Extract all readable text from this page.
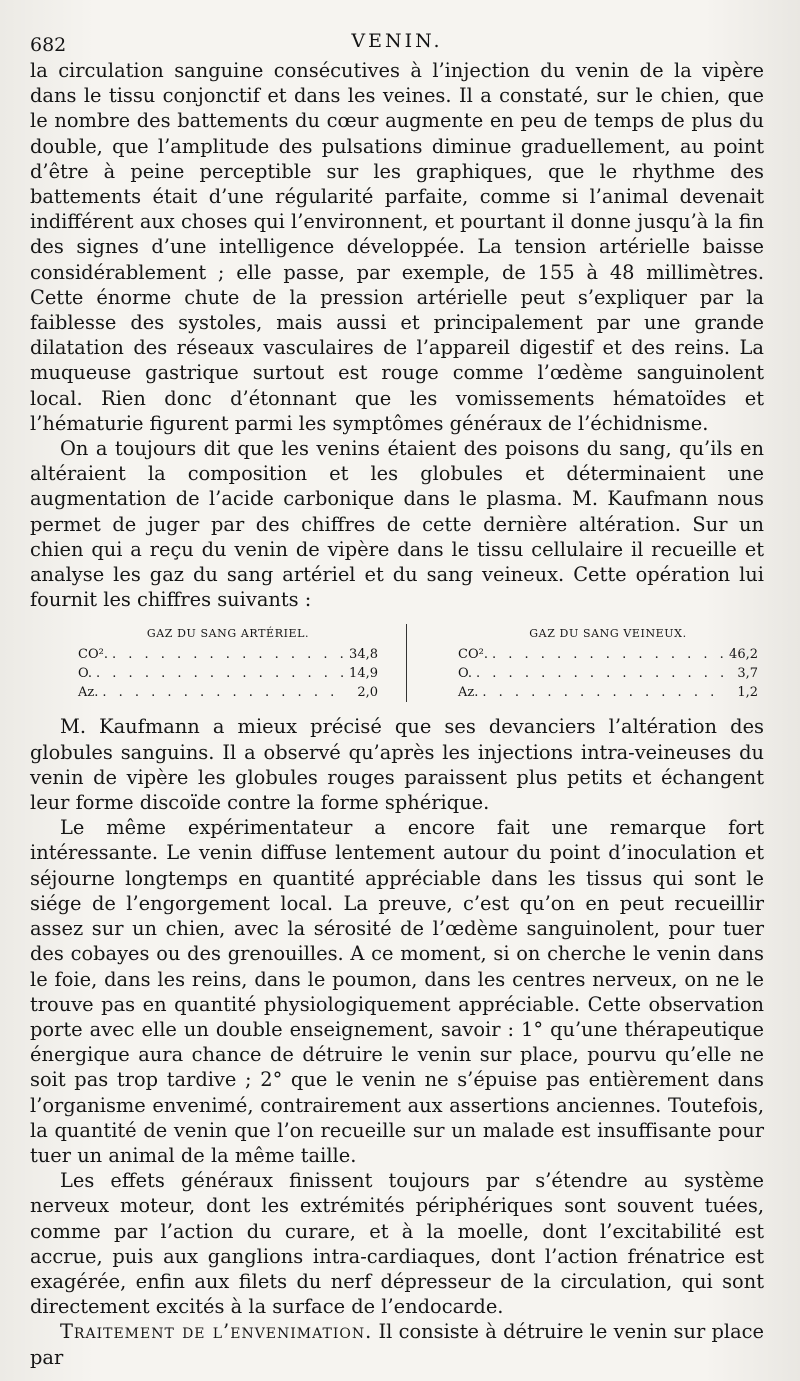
682	VENIN.

la circulation sanguine consécutives à l’injection du venin de la vipère dans le tissu conjonctif et dans les veines. Il a constaté, sur le chien, que le nombre des battements du cœur augmente en peu de temps de plus du double, que l’amplitude des pulsations diminue graduellement, au point d’être à peine perceptible sur les graphiques, que le rhythme des battements était d’une régularité parfaite, comme si l’animal devenait indifférent aux choses qui l’environnent, et pourtant il donne jusqu’à la fin des signes d’une intelligence développée. La tension artérielle baisse considérablement ; elle passe, par exemple, de 155 à 48 millimètres. Cette énorme chute de la pression artérielle peut s’expliquer par la faiblesse des systoles, mais aussi et principalement par une grande dilatation des réseaux vasculaires de l’appareil digestif et des reins. La muqueuse gastrique surtout est rouge comme l’œdème sanguinolent local. Rien donc d’étonnant que les vomissements hématoïdes et l’hématurie figurent parmi les symptômes généraux de l’échidnisme.

On a toujours dit que les venins étaient des poisons du sang, qu’ils en altéraient la composition et les globules et déterminaient une augmentation de l’acide carbonique dans le plasma. M. Kaufmann nous permet de juger par des chiffres de cette dernière altération. Sur un chien qui a reçu du venin de vipère dans le tissu cellulaire il recueille et analyse les gaz du sang artériel et du sang veineux. Cette opération lui fournit les chiffres suivants :

GAZ DU SANG ARTÉRIEL.
CO². . . .	34,8
O. . . .	14,9
Az. . . .	2,0
GAZ DU SANG VEINEUX.
CO². . . .	46,2
O. . . .	3,7
Az. . . .	1,2

M. Kaufmann a mieux précisé que ses devanciers l’altération des globules sanguins. Il a observé qu’après les injections intra-veineuses du venin de vipère les globules rouges paraissent plus petits et échangent leur forme discoïde contre la forme sphérique.

Le même expérimentateur a encore fait une remarque fort intéressante. Le venin diffuse lentement autour du point d’inoculation et séjourne longtemps en quantité appréciable dans les tissus qui sont le siége de l’engorgement local. La preuve, c’est qu’on en peut recueillir assez sur un chien, avec la sérosité de l’œdème sanguinolent, pour tuer des cobayes ou des grenouilles. A ce moment, si on cherche le venin dans le foie, dans les reins, dans le poumon, dans les centres nerveux, on ne le trouve pas en quantité physiologiquement appréciable. Cette observation porte avec elle un double enseignement, savoir : 1° qu’une thérapeutique énergique aura chance de détruire le venin sur place, pourvu qu’elle ne soit pas trop tardive ; 2° que le venin ne s’épuise pas entièrement dans l’organisme envenimé, contrairement aux assertions anciennes. Toutefois, la quantité de venin que l’on recueille sur un malade est insuffisante pour tuer un animal de la même taille.

Les effets généraux finissent toujours par s’étendre au système nerveux moteur, dont les extrémités périphériques sont souvent tuées, comme par l’action du curare, et à la moelle, dont l’excitabilité est accrue, puis aux ganglions intra-cardiaques, dont l’action frénatrice est exagérée, enfin aux filets du nerf dépresseur de la circulation, qui sont directement excités à la surface de l’endocarde.

Traitement de l’envenimation. Il consiste à détruire le venin sur place par
